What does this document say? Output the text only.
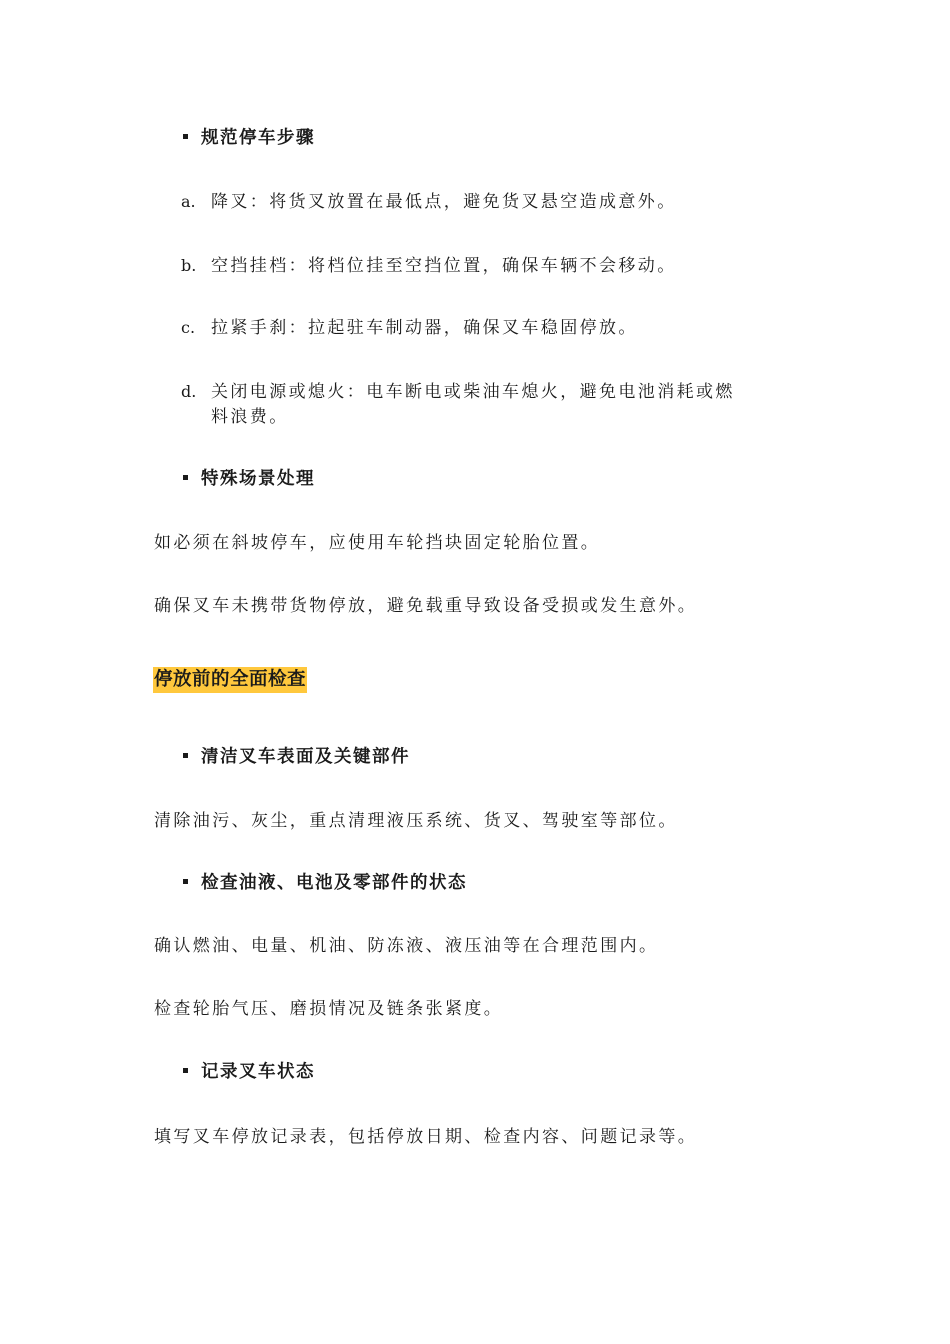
规范停车步骤
a. 降叉：将货叉放置在最低点，避免货叉悬空造成意外。
b. 空挡挂档：将档位挂至空挡位置，确保车辆不会移动。
c. 拉紧手刹：拉起驻车制动器，确保叉车稳固停放。
d. 关闭电源或熄火：电车断电或柴油车熄火，避免电池消耗或燃
料浪费。
特殊场景处理
如必须在斜坡停车，应使用车轮挡块固定轮胎位置。
确保叉车未携带货物停放，避免载重导致设备受损或发生意外。
停放前的全面检查
清洁叉车表面及关键部件
清除油污、灰尘，重点清理液压系统、货叉、驾驶室等部位。
检查油液、电池及零部件的状态
确认燃油、电量、机油、防冻液、液压油等在合理范围内。
检查轮胎气压、磨损情况及链条张紧度。
记录叉车状态
填写叉车停放记录表，包括停放日期、检查内容、问题记录等。
